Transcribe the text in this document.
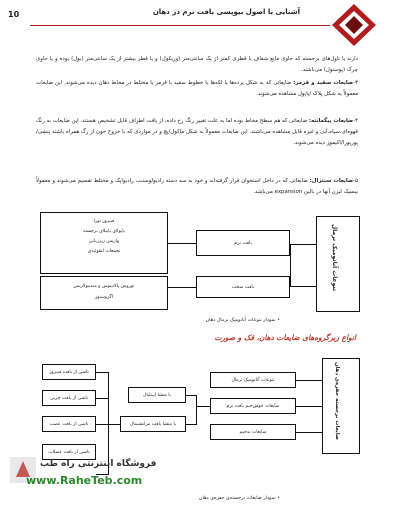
10	آشنایی با اصول بیوپسی بافت نرم در دهان

دارند یا تاول‌های برجسته که حاوی مایع شفاف با قطری کمتر از یک سانتی‌متر (وزیکول) و یا قطر بیشتر از یک سانتی‌متر (بول) بوده و یا حاوی چرک (پوستول) می‌باشند.

۳-ضایعات سفید و قرمز: ضایعاتی که به شکل پرده‌ها یا لکه‌ها با خطوط سفید یا قرمز یا مختلط در مخاط دهان دیده می‌شوند. این ضایعات معمولاً به شکل پلاک /پاپول مشاهده می‌شوند.

۴-ضایعات پیگمانته: ضایعاتی که هم سطح مخاط بوده اما به علت تغییر رنگ رخ داده، از بافت اطراف قابل تشخیص هستند. این ضایعات به رنگ قهوه‌ای،سیاه،آبی و غیره قابل مشاهده می‌باشند. این ضایعات معمولاً به شکل ماکول/پچ و در مواردی که با خروج خون از رگ همراه باشند پتشی/پورپورا/اکیموز دیده می‌شوند.

۵-ضایعات سنتزال: ضایعاتی که در داخل استخوان قرار گرفته‌اند و خود به سه دسته رادیولوسنت، رادیواپک و مختلط تقسیم می‌شوند و معمولاً بیسیک لیزن آنها در بالین expansion می‌باشد.

تنوعات آناتومیک نرمال
بافت نرم
بافت سخت
فیبروز تورا
پاپولای پاپیلای برجسته
وارپس زیرزبانی
تجمعات لنفوئیدی
توروس پالاتینوس و مندیبولاریس
اگزوستوز
• نمودار تنوعات آناتومیک نرمال دهان
انواع زیرگروه‌های ضایعات دهان، فک و صورت
ضایعات برجسته حفره‌ی دهان
تنوعات آناتومیک نرمال
ضایعات خوش‌خیم بافت نرم
ضایعات بدخیم
با منشا اپیتلیال
با منشا بافت مزانشیمال
ناشی از بافت فیبروز
ناشی از بافت چربی
ناشی از بافت عصب
ناشی از بافت عضلات
فروشگاه اینترنتی راه طب
www.RaheTeb.com
• نمودار ضایعات برجسته‌ی حفره‌ی دهان
